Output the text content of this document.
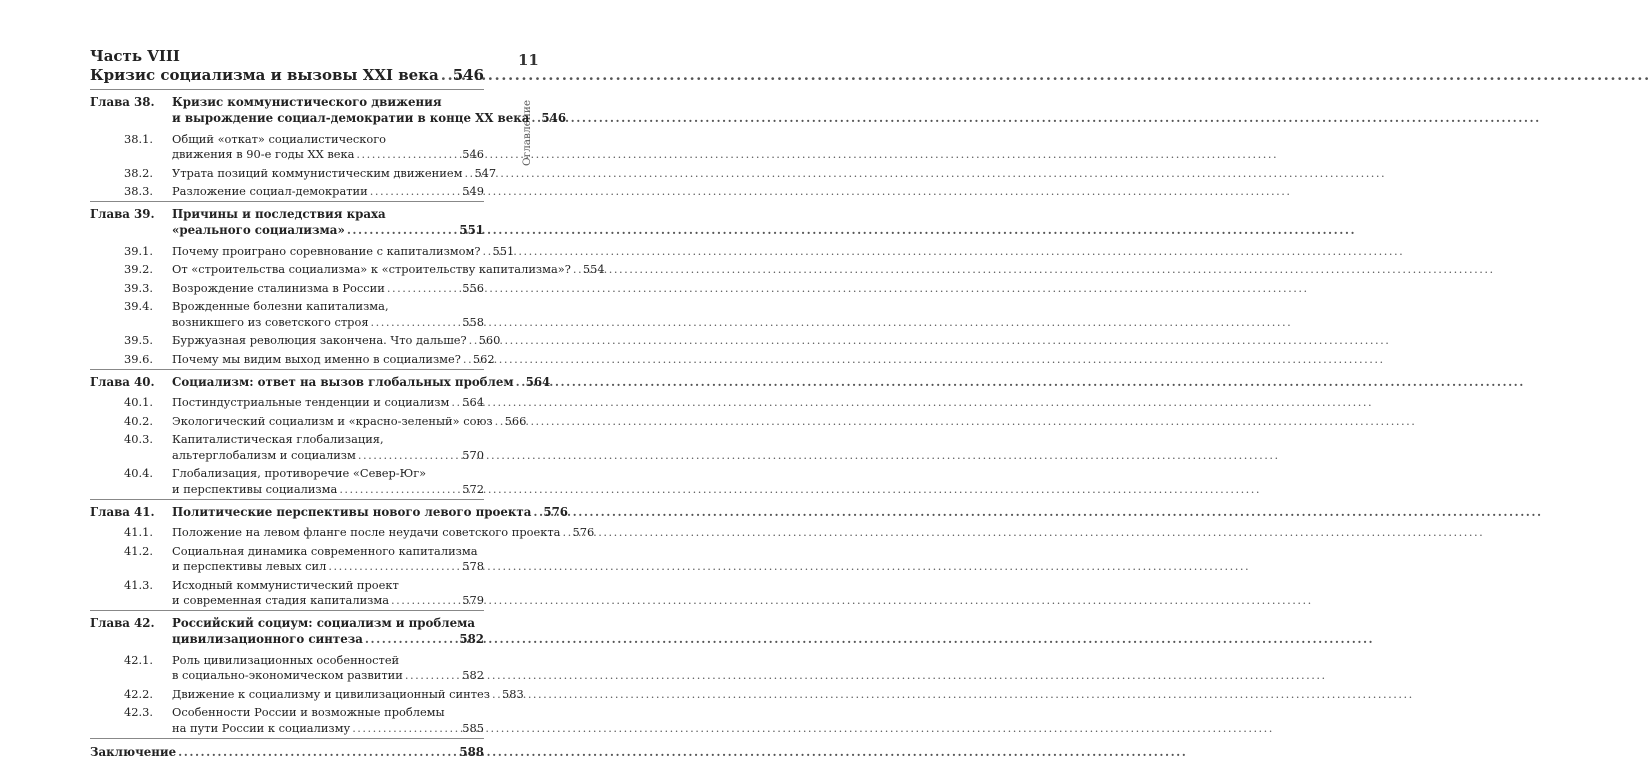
11
Оглавление
Часть VIII
Кризис социализма и вызовы XXI века ..... 546
Глава 38.	Кризис коммунистического движения
и вырождение социал-демократии в конце XX века ..... 546
38.1.	Общий «откат» социалистического
движения в 90-е годы XX века .....	546
38.2.	Утрата позиций коммунистическим движением ..... 547
38.3.	Разложение социал-демократии .....	549
Глава 39.	Причины и последствия краха
«реального социализма» .....	551
39.1.	Почему проиграно соревнование с капитализмом? ..... 551
39.2.	От «строительства социализма» к «строительству капитализма»? ..... 554
39.3.	Возрождение сталинизма в России .....	556
39.4.	Врожденные болезни капитализма,
возникшего из советского строя .....	558
39.5.	Буржуазная революция закончена. Что дальше? ..... 560
39.6.	Почему мы видим выход именно в социализме? ..... 562
Глава 40.	Социализм: ответ на вызов глобальных проблем ..... 564
40.1.	Постиндустриальные тенденции и социализм ..... 564
40.2.	Экологический социализм и «красно-зеленый» союз ..... 566
40.3.	Капиталистическая глобализация,
альтерглобализм и социализм .....	570
40.4.	Глобализация, противоречие «Север-Юг»
и перспективы социализма .....	572
Глава 41.	Политические перспективы нового левого проекта ..... 576
41.1.	Положение на левом фланге после неудачи советского проекта ..... 576
41.2.	Социальная динамика современного капитализма
и перспективы левых сил .....	578
41.3.	Исходный коммунистический проект
и современная стадия капитализма .....	579
Глава 42.	Российский социум: социализм и проблема
цивилизационного синтеза .....	582
42.1.	Роль цивилизационных особенностей
в социально-экономическом развитии .....	582
42.2.	Движение к социализму и цивилизационный синтез ..... 583
42.3.	Особенности России и возможные проблемы
на пути России к социализму .....	585
Заключение .....	588
